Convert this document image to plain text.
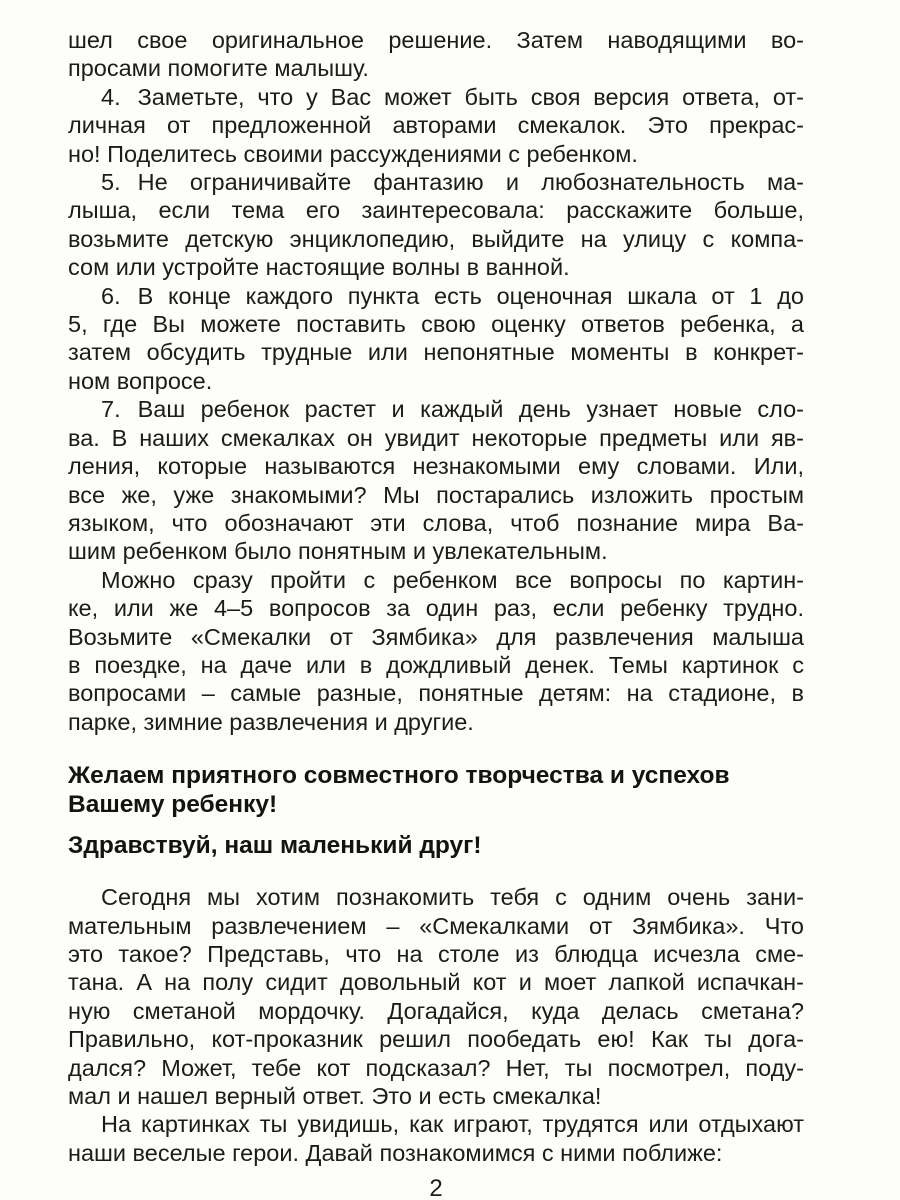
шел свое оригинальное решение. Затем наводящими во-
просами помогите малышу.
4. Заметьте, что у Вас может быть своя версия ответа, от-
личная от предложенной авторами смекалок. Это прекрас-
но! Поделитесь своими рассуждениями с ребенком.
5. Не ограничивайте фантазию и любознательность ма-
лыша, если тема его заинтересовала: расскажите больше,
возьмите детскую энциклопедию, выйдите на улицу с компа-
сом или устройте настоящие волны в ванной.
6. В конце каждого пункта есть оценочная шкала от 1 до
5, где Вы можете поставить свою оценку ответов ребенка, а
затем обсудить трудные или непонятные моменты в конкрет-
ном вопросе.
7. Ваш ребенок растет и каждый день узнает новые сло-
ва. В наших смекалках он увидит некоторые предметы или яв-
ления, которые называются незнакомыми ему словами. Или,
все же, уже знакомыми? Мы постарались изложить простым
языком, что обозначают эти слова, чтоб познание мира Ва-
шим ребенком было понятным и увлекательным.
Можно сразу пройти с ребенком все вопросы по картин-
ке, или же 4–5 вопросов за один раз, если ребенку трудно.
Возьмите «Смекалки от Зямбика» для развлечения малыша
в поездке, на даче или в дождливый денек. Темы картинок с
вопросами – самые разные, понятные детям: на стадионе, в
парке, зимние развлечения и другие.
Желаем приятного совместного творчества и успехов
Вашему ребенку!
Здравствуй, наш маленький друг!
Сегодня мы хотим познакомить тебя с одним очень зани-
мательным развлечением – «Смекалками от Зямбика». Что
это такое? Представь, что на столе из блюдца исчезла сме-
тана. А на полу сидит довольный кот и моет лапкой испачкан-
ную сметаной мордочку. Догадайся, куда делась сметана?
Правильно, кот-проказник решил пообедать ею! Как ты дога-
дался? Может, тебе кот подсказал? Нет, ты посмотрел, поду-
мал и нашел верный ответ. Это и есть смекалка!
На картинках ты увидишь, как играют, трудятся или отдыхают
наши веселые герои. Давай познакомимся с ними поближе:
2
